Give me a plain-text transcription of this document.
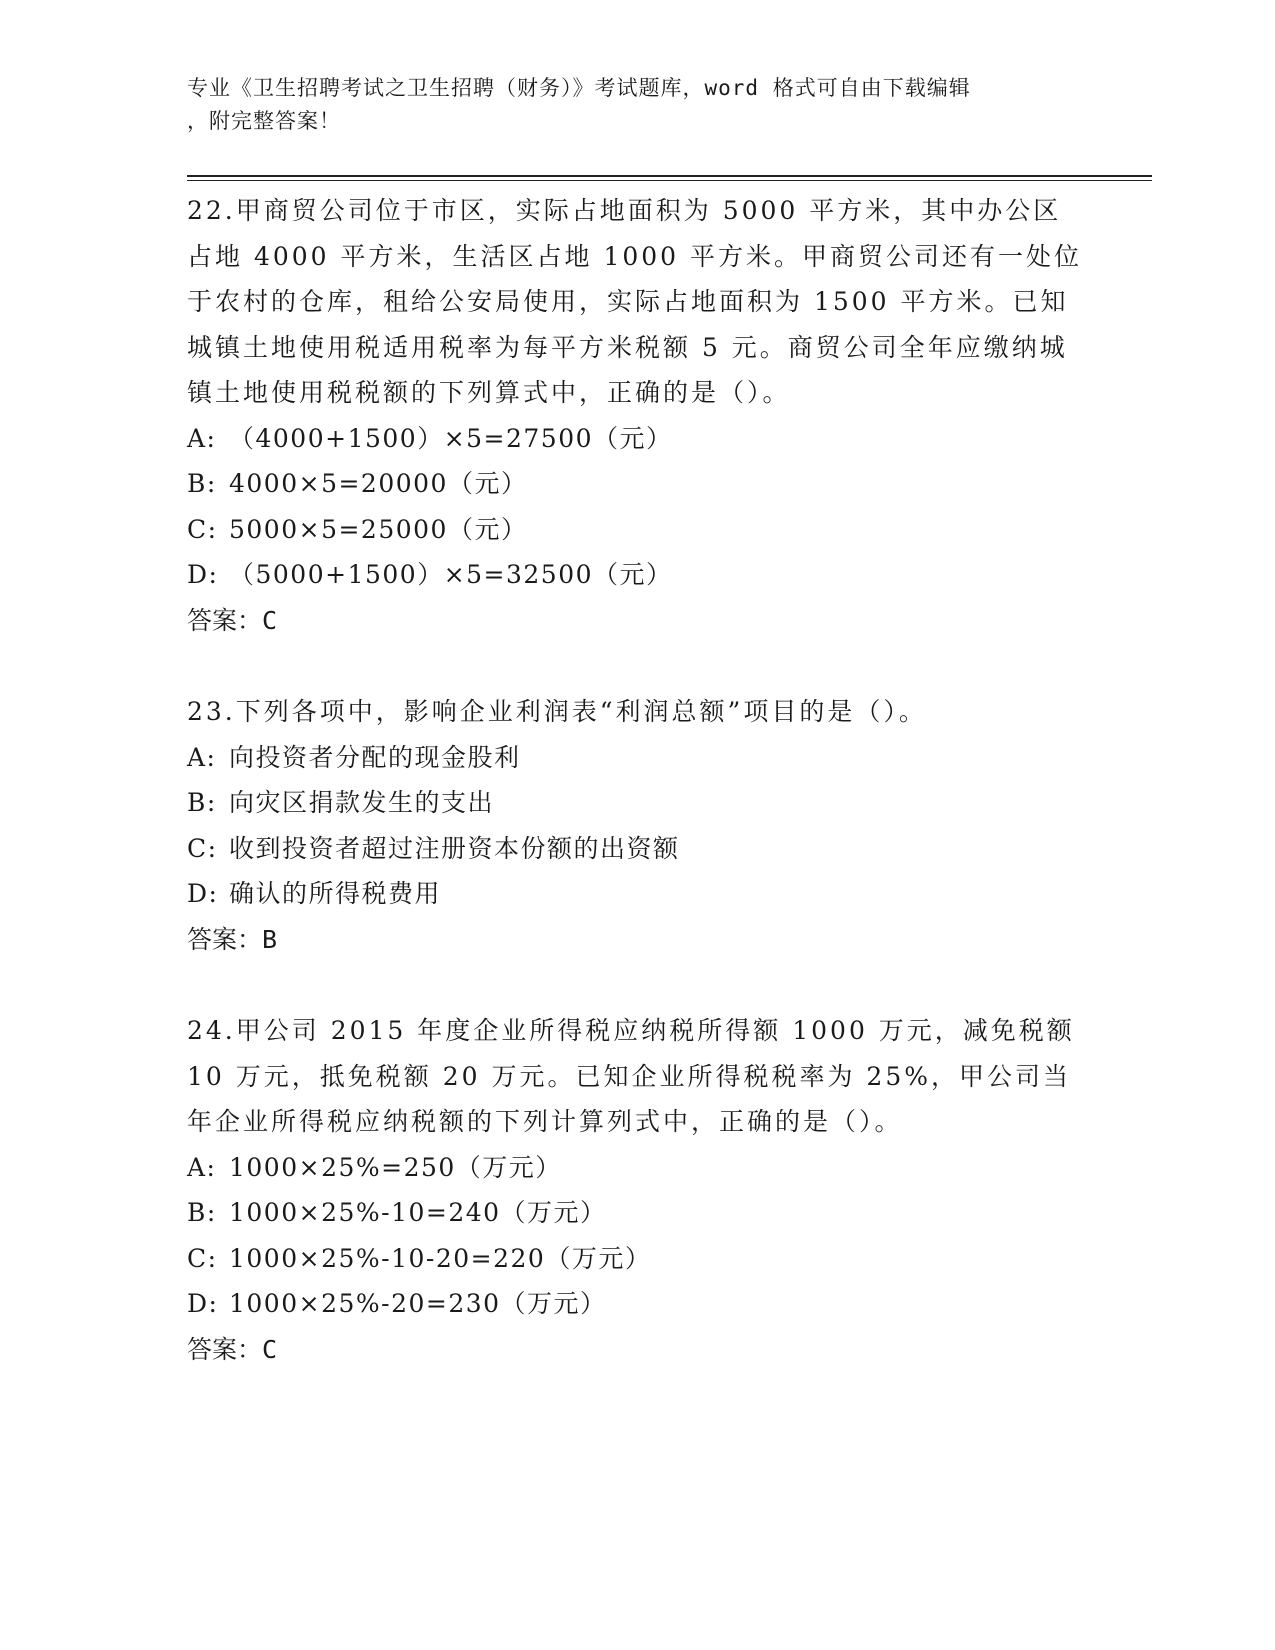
专业《卫生招聘考试之卫生招聘（财务）》考试题库，word 格式可自由下载编辑
，附完整答案！

22.甲商贸公司位于市区，实际占地面积为 5000 平方米，其中办公区占地 4000 平方米，生活区占地 1000 平方米。甲商贸公司还有一处位于农村的仓库，租给公安局使用，实际占地面积为 1500 平方米。已知城镇土地使用税适用税率为每平方米税额 5 元。商贸公司全年应缴纳城镇土地使用税税额的下列算式中，正确的是（）。

A: （4000+1500）×5=27500（元）

B: 4000×5=20000（元）

C: 5000×5=25000（元）

D: （5000+1500）×5=32500（元）

答案：C

23.下列各项中，影响企业利润表“利润总额”项目的是（）。

A: 向投资者分配的现金股利

B: 向灾区捐款发生的支出

C: 收到投资者超过注册资本份额的出资额

D: 确认的所得税费用

答案：B

24.甲公司 2015 年度企业所得税应纳税所得额 1000 万元，减免税额 10 万元，抵免税额 20 万元。已知企业所得税税率为 25%，甲公司当年企业所得税应纳税额的下列计算列式中，正确的是（）。

A: 1000×25%=250（万元）

B: 1000×25%-10=240（万元）

C: 1000×25%-10-20=220（万元）

D: 1000×25%-20=230（万元）

答案：C
